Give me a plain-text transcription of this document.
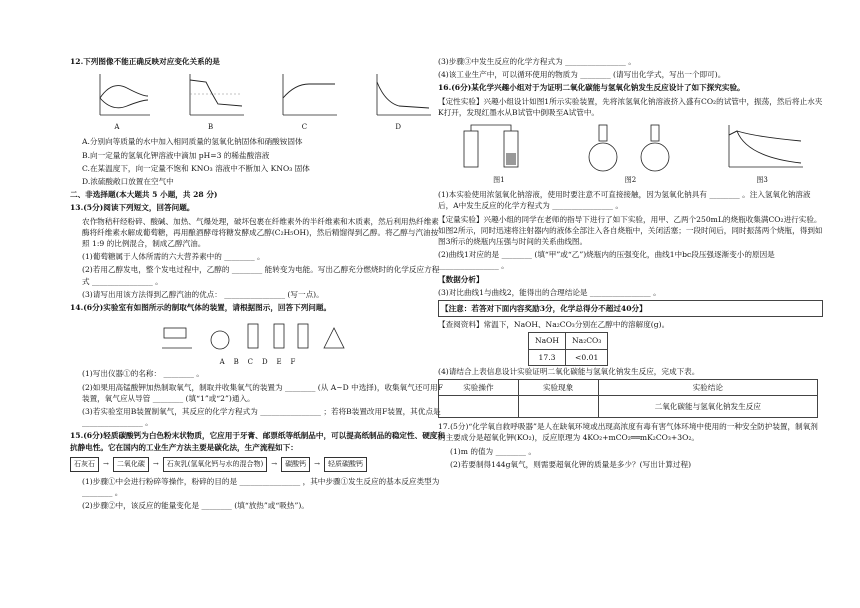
12.下列图像不能正确反映对应变化关系的是
A	B	C	D
A.分别向等质量的水中加入相同质量的氢氧化钠固体和硝酸铵固体
B.向一定量的氢氧化钾溶液中滴加 pH=3 的稀盐酸溶液
C.在某温度下，向一定量不饱和 KNO₃ 溶液中不断加入 KNO₃ 固体
D.浓硫酸敞口放置在空气中
二、非选择题(本大题共 5 小题，共 28 分)
13.(5分)阅读下列短文，回答问题。
农作物秸秆经粉碎、酸碱、加热、气爆处理，破坏包裹在纤维素外的半纤维素和木质素，然后利用热纤维素酶将纤维素水解成葡萄糖，再用酿酒酵母将糖发酵成乙醇(C₂H₅OH)，然后精馏得到乙醇。将乙醇与汽油按照 1:9 的比例混合，制成乙醇汽油。
(1)葡萄糖属于人体所需的六大营养素中的 ________ 。
(2)若用乙醇发电，整个发电过程中，乙醇的 ________ 能转变为电能。写出乙醇充分燃烧时的化学反应方程式 ________________ 。
(3)请写出用该方法得到乙醇汽油的优点： ________________ (写一点)。
14.(6分)实验室有如图所示的制取气体的装置，请根据图示，回答下列问题。
A B C D E F
(1)写出仪器①的名称： ________ 。
(2)如果用高锰酸钾加热制取氧气，制取并收集氧气的装置为 ________ (从 A~D 中选择)，收集氧气还可用F装置，氧气应从导管 ________ (填“1”或“2”)通入。
(3)若实验室用B装置制氧气，其反应的化学方程式为 ________________ ；若将B装置改用F装置，其优点是 ________________ 。
15.(6分)轻质碳酸钙为白色粉末状物质，它应用于牙膏、邮票纸等纸制品中，可以提高纸制品的稳定性、硬度和抗静电性。它在国内的工业生产方法主要是碳化法，生产流程如下：
石灰石	→	二氧化碳	→	石灰乳(氢氧化钙与水的混合物)	→	碳酸钙	→	轻质碳酸钙
(1)步骤①中会进行粉碎等操作，粉碎的目的是 ________________ ，其中步骤①发生反应的基本反应类型为 ________ 。
(2)步骤②中，该反应的能量变化是 ________ (填“放热”或“吸热”)。
(3)步骤③中发生反应的化学方程式为 ________________ 。
(4)该工业生产中，可以循环使用的物质为 ________ (请写出化学式，写出一个即可)。
16.(6分)某化学兴趣小组对于为证明二氧化碳能与氢氧化钠发生反应设计了如下探究实验。
【定性实验】兴趣小组设计如图1所示实验装置，先将浓氢氧化钠溶液挤入盛有CO₂的试管中，振荡，然后将止水夹K打开，发现红墨水从B试管中倒吸至A试管中。
图1	图2	图3
(1)本实验使用浓氢氧化钠溶液，使用时要注意不可直接接触，因为氢氧化钠具有 ________ 。注入氢氧化钠溶液后，A中发生反应的化学方程式为 ________________ 。
【定量实验】兴趣小组的同学在老师的指导下进行了如下实验，用甲、乙两个250mL的烧瓶收集满CO₂进行实验。如图2所示，同时迅速将注射器内的液体全部注入各自烧瓶中，关闭活塞；一段时间后，同时振荡两个烧瓶，得到如图3所示的烧瓶内压强与时间的关系曲线图。
(2)曲线1对应的是 ________ (填“甲”或“乙”)烧瓶内的压强变化，曲线1中bc段压强逐渐变小的原因是 ________________ 。
【数据分析】
(3)对比曲线1与曲线2，能得出的合理结论是 ________________ 。
【注意：若答对下面内容奖励3分，化学总得分不超过40分】
【查阅资料】常温下，NaOH、Na₂CO₃分别在乙醇中的溶解度(g)。
NaOH	Na₂CO₃
17.3	<0.01
(4)请结合上表信息设计实验证明二氧化碳能与氢氧化钠发生反应，完成下表。
实验操作	实验现象	实验结论
		二氧化碳能与氢氧化钠发生反应
17.(5分)“化学氧自救呼吸器”是人在缺氧环境或出现高浓度有毒有害气体环境中使用的一种安全防护装置，制氧剂的主要成分是超氧化钾(KO₂)，反应原理为 4KO₂+mCO₂══mK₂CO₃+3O₂。
(1)m 的值为 ________ 。
(2)若要制得144g氧气，则需要超氧化钾的质量是多少？(写出计算过程)
